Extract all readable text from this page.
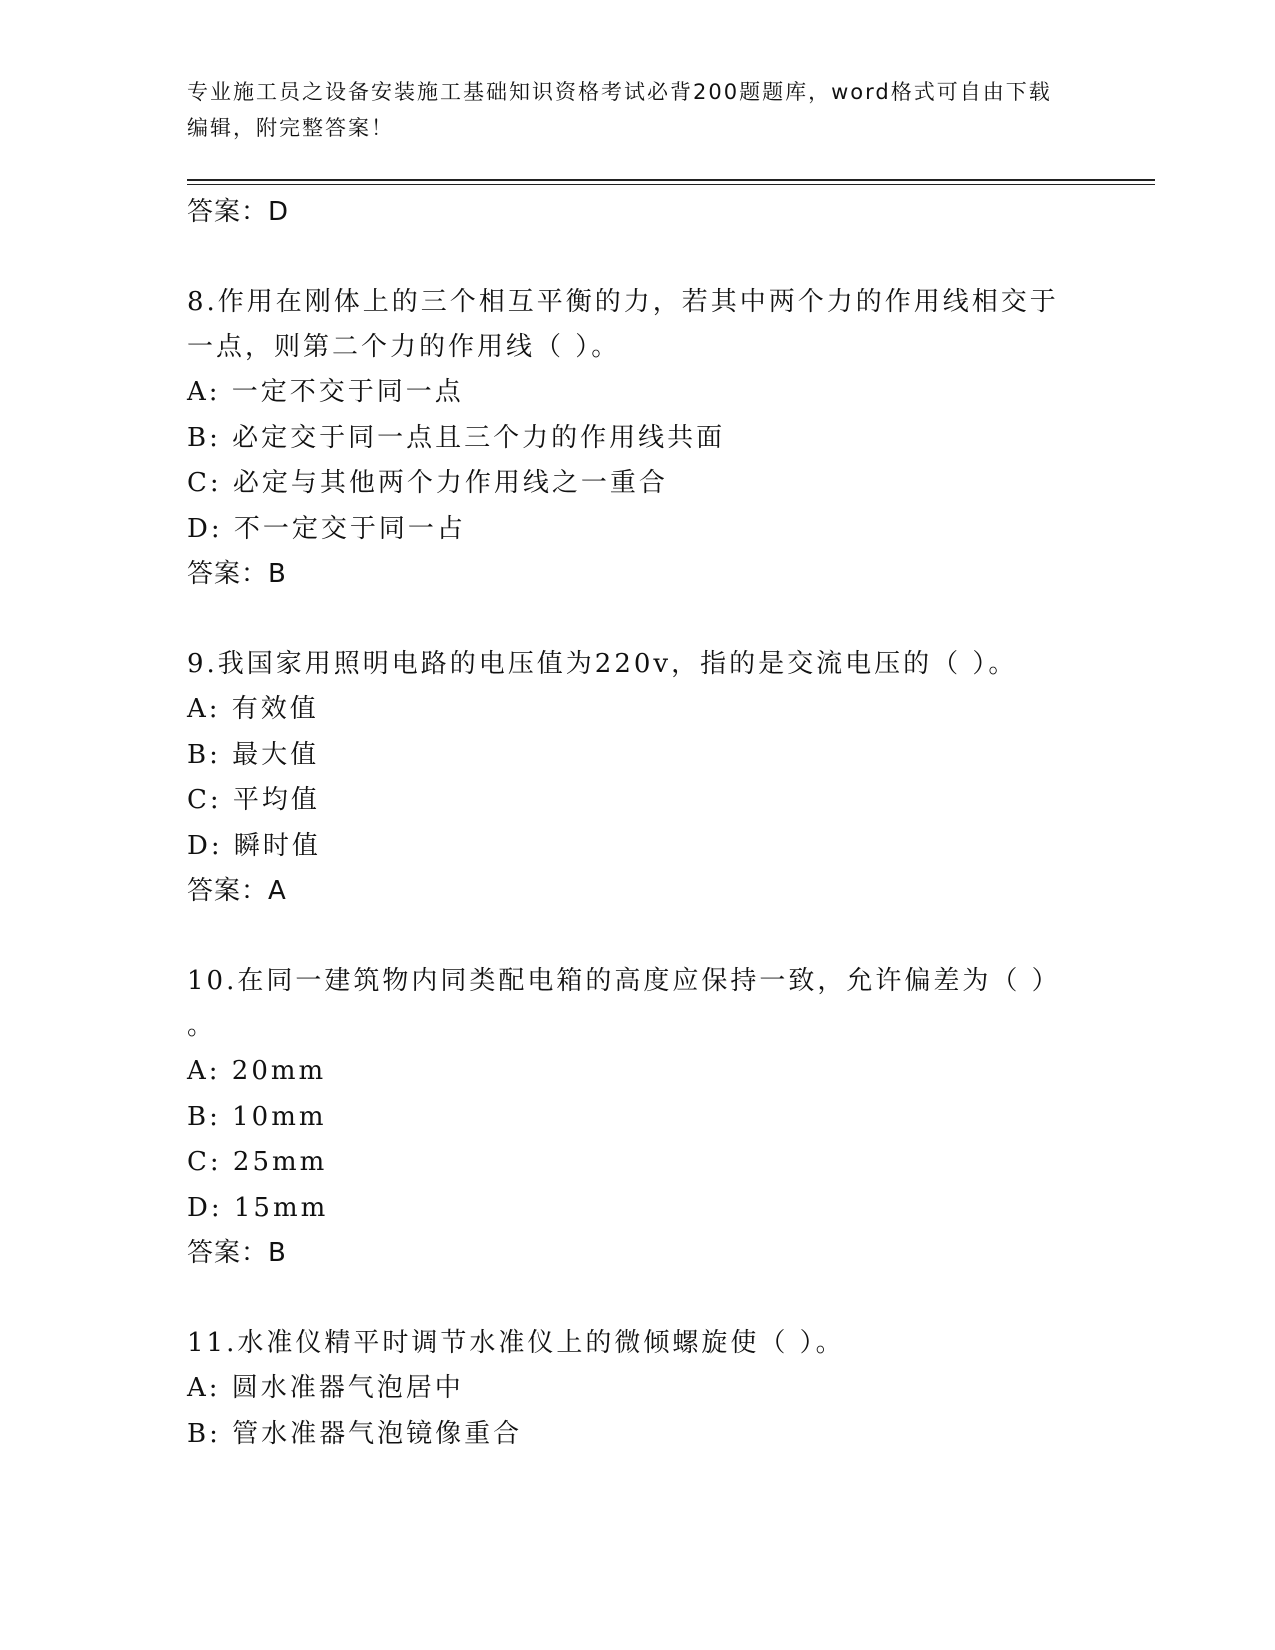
专业施工员之设备安装施工基础知识资格考试必背200题题库，word格式可自由下载编辑，附完整答案！
答案：D
8.作用在刚体上的三个相互平衡的力，若其中两个力的作用线相交于一点，则第二个力的作用线（ ）。
A: 一定不交于同一点
B: 必定交于同一点且三个力的作用线共面
C: 必定与其他两个力作用线之一重合
D: 不一定交于同一占
答案：B
9.我国家用照明电路的电压值为220v，指的是交流电压的（ ）。
A: 有效值
B: 最大值
C: 平均值
D: 瞬时值
答案：A
10.在同一建筑物内同类配电箱的高度应保持一致，允许偏差为（ ）
。
A: 20mm
B: 10mm
C: 25mm
D: 15mm
答案：B
11.水准仪精平时调节水准仪上的微倾螺旋使（ ）。
A: 圆水准器气泡居中
B: 管水准器气泡镜像重合
